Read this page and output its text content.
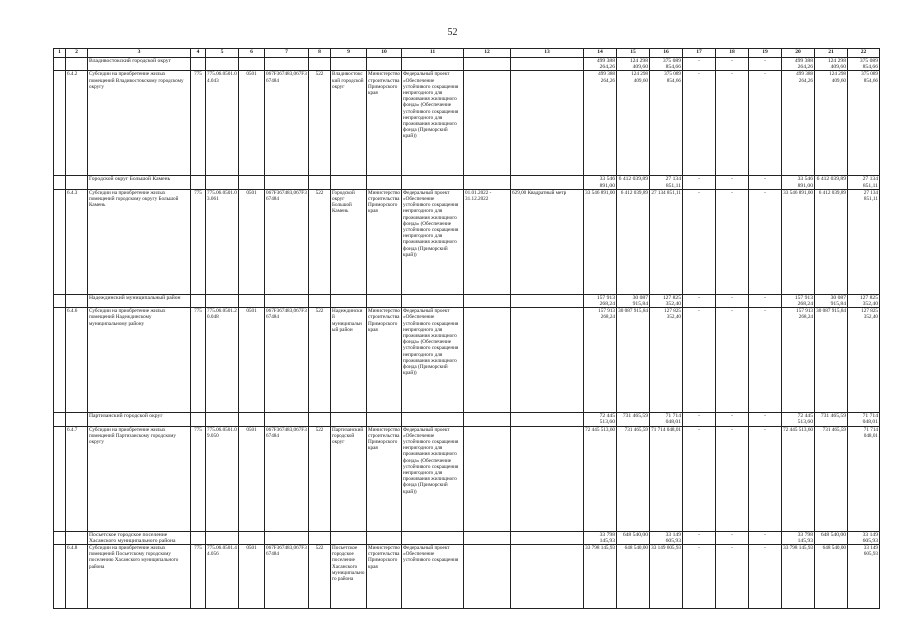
52
1	2	3	4	5	6	7	8	9	10	11	12	13	14	15	16	17	18	19	20	21	22
		Владивостокский городской округ											499 388 264,26	124 298 409,60	375 089 854,66	-	-	-	499 388 264,26	124 298 409,60	375 089 854,66
	6.4.2	Субсидии на приобретение жилых помещений Владивостокскому городскому округу	775	775.06.0501.04.043	0501	067F367483,067F367484	522	Владивостокский городской округ	Министерство строительства Приморского края	Федеральный проект «Обеспечение устойчивого сокращения непригодного для проживания жилищного фонда» (Обеспечение устойчивого сокращения непригодного для проживания жилищного фонда (Приморский край))			499 388 264,26	124 298 409,60	375 089 854,66	-	-	-	499 388 264,26	124 298 409,60	375 089 854,66
		Городской округ Большой Камень											33 546 891,00	6 412 039,89	27 134 851,11	-	-	-	33 546 891,00	6 412 039,89	27 134 851,11
	6.4.3	Субсидии на приобретение жилых помещений городскому округу Большой Камень	775	775.06.0501.03.061	0501	067F367483,067F367484	522	Городской округ Большой Камень	Министерство строительства Приморского края	Федеральный проект «Обеспечение устойчивого сокращения непригодного для проживания жилищного фонда» (Обеспечение устойчивого сокращения непригодного для проживания жилищного фонда (Приморский край))	01.01.2022 - 31.12.2022	629,00 Квадратный метр	33 546 891,00	6 412 039,89	27 134 851,11	-	-	-	33 546 891,00	6 412 039,89	27 134 851,11
		Надеждинский муниципальный район											157 913 268,24	30 087 915,84	127 825 352,40	-	-	-	157 913 268,24	30 087 915,84	127 825 352,40
	6.4.6	Субсидии на приобретение жилых помещений Надеждинскому муниципальному району	775	775.06.0501.20.048	0501	067F367483,067F367484	522	Надеждинский муниципальный район	Министерство строительства Приморского края	Федеральный проект «Обеспечение устойчивого сокращения непригодного для проживания жилищного фонда» (Обеспечение устойчивого сокращения непригодного для проживания жилищного фонда (Приморский край))			157 913 268,24	30 087 915,84	127 825 352,40	-	-	-	157 913 268,24	30 087 915,84	127 825 352,40
		Партизанский городской округ											72 445 513,60	731 465,59	71 714 048,01	-	-	-	72 445 513,60	731 465,59	71 714 048,01
	6.4.7	Субсидии на приобретение жилых помещений Партизанскому городскому округу	775	775.06.0501.09.050	0501	067F367483,067F367484	522	Партизанский городской округ	Министерство строительства Приморского края	Федеральный проект «Обеспечение устойчивого сокращения непригодного для проживания жилищного фонда» (Обеспечение устойчивого сокращения непригодного для проживания жилищного фонда (Приморский край))			72 445 513,60	731 465,59	71 714 048,01	-	-	-	72 445 513,60	731 465,59	71 714 048,01
		Посьетское городское поселение Хасанского муниципального района											33 798 145,93	648 540,00	33 149 605,93	-	-	-	33 798 145,93	648 540,00	33 149 605,93
	6.4.8	Субсидии на приобретение жилых помещений Посьетскому городскому поселению Хасанского муниципального района	775	775.06.0501.44.056	0501	067F367483,067F367484	522	Посьетское городское поселение Хасанского муниципального района	Министерство строительства Приморского края	Федеральный проект «Обеспечение устойчивого сокращения			33 798 145,93	648 540,00	33 149 605,93	-	-	-	33 798 145,93	648 540,00	33 149 605,93
